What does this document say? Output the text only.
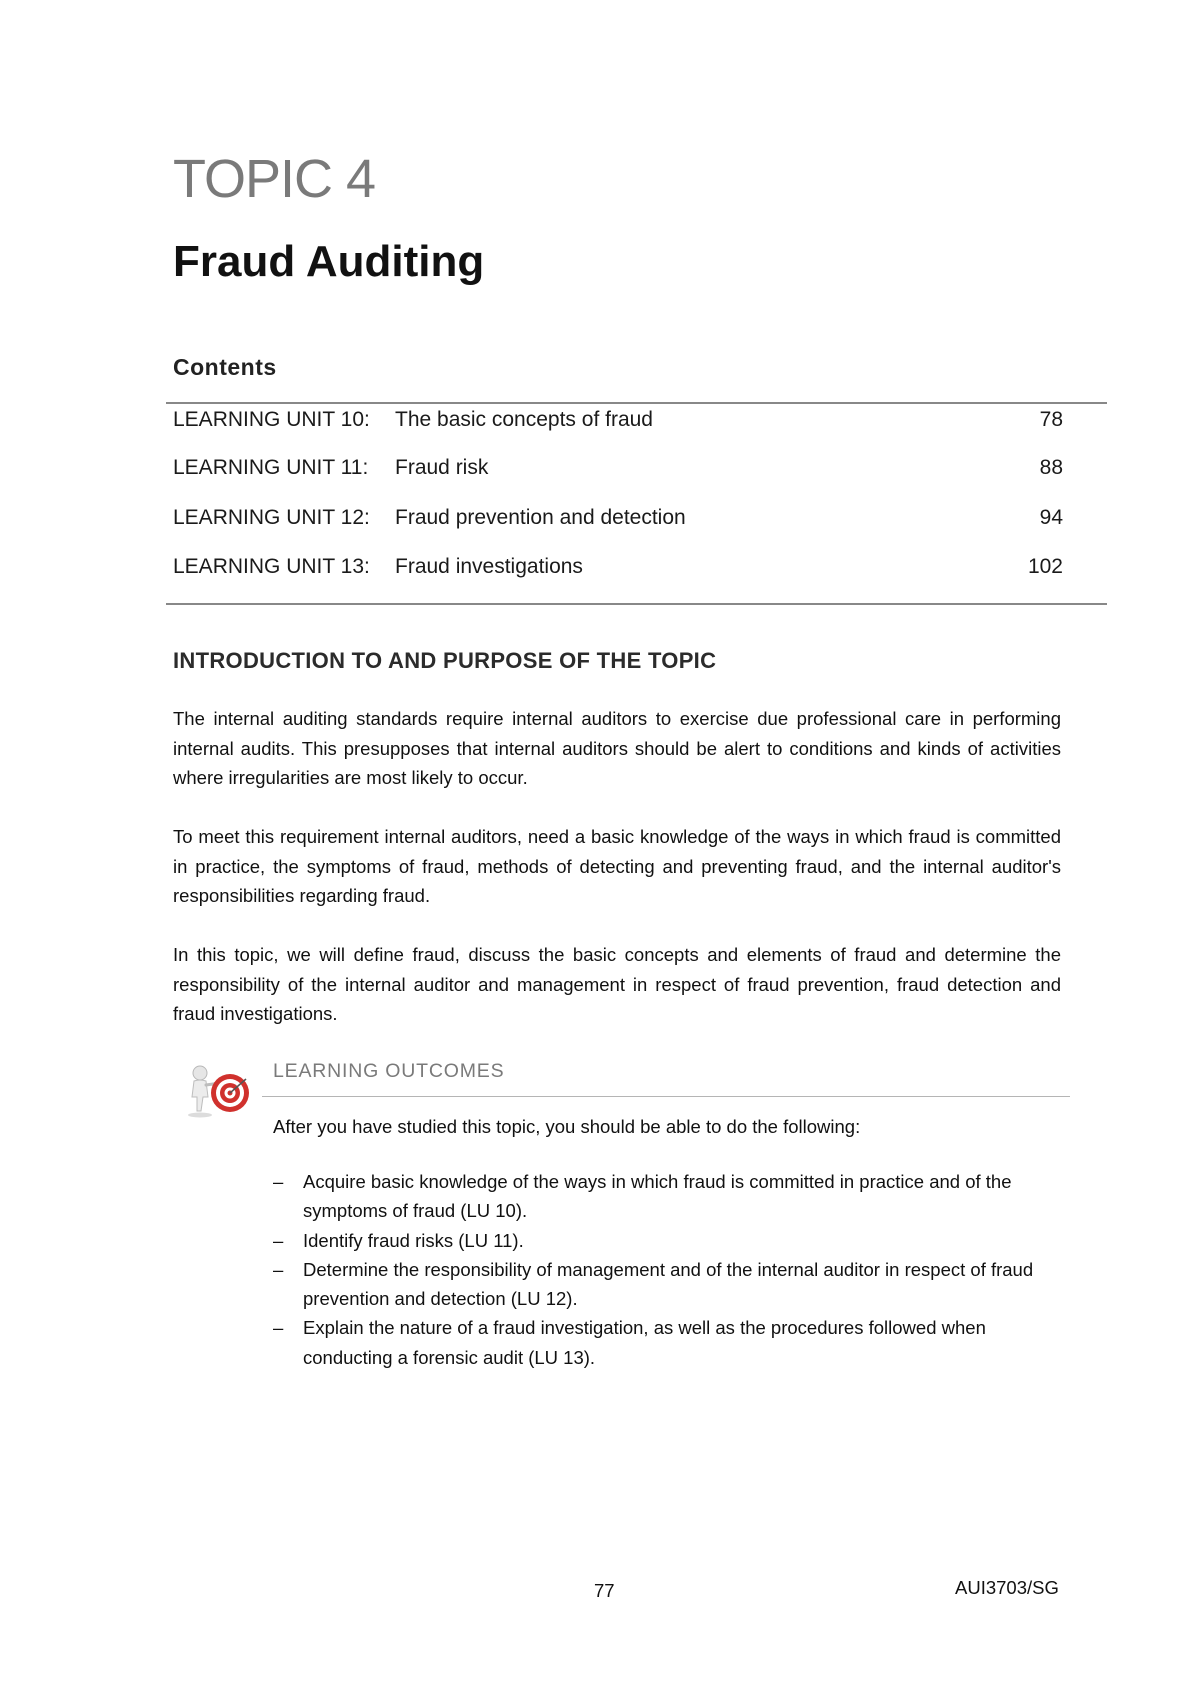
TOPIC 4
Fraud Auditing
Contents
LEARNING UNIT 10: The basic concepts of fraud	78
LEARNING UNIT 11: Fraud risk	88
LEARNING UNIT 12: Fraud prevention and detection	94
LEARNING UNIT 13: Fraud investigations	102
INTRODUCTION TO AND PURPOSE OF THE TOPIC
The internal auditing standards require internal auditors to exercise due professional care in performing internal audits. This presupposes that internal auditors should be alert to conditions and kinds of activities where irregularities are most likely to occur.
To meet this requirement internal auditors, need a basic knowledge of the ways in which fraud is committed in practice, the symptoms of fraud, methods of detecting and preventing fraud, and the internal auditor's responsibilities regarding fraud.
In this topic, we will define fraud, discuss the basic concepts and elements of fraud and determine the responsibility of the internal auditor and management in respect of fraud prevention, fraud detection and fraud investigations.
LEARNING OUTCOMES
After you have studied this topic, you should be able to do the following:
– Acquire basic knowledge of the ways in which fraud is committed in practice and of the symptoms of fraud (LU 10).
– Identify fraud risks (LU 11).
– Determine the responsibility of management and of the internal auditor in respect of fraud prevention and detection (LU 12).
– Explain the nature of a fraud investigation, as well as the procedures followed when conducting a forensic audit (LU 13).
77	AUI3703/SG
